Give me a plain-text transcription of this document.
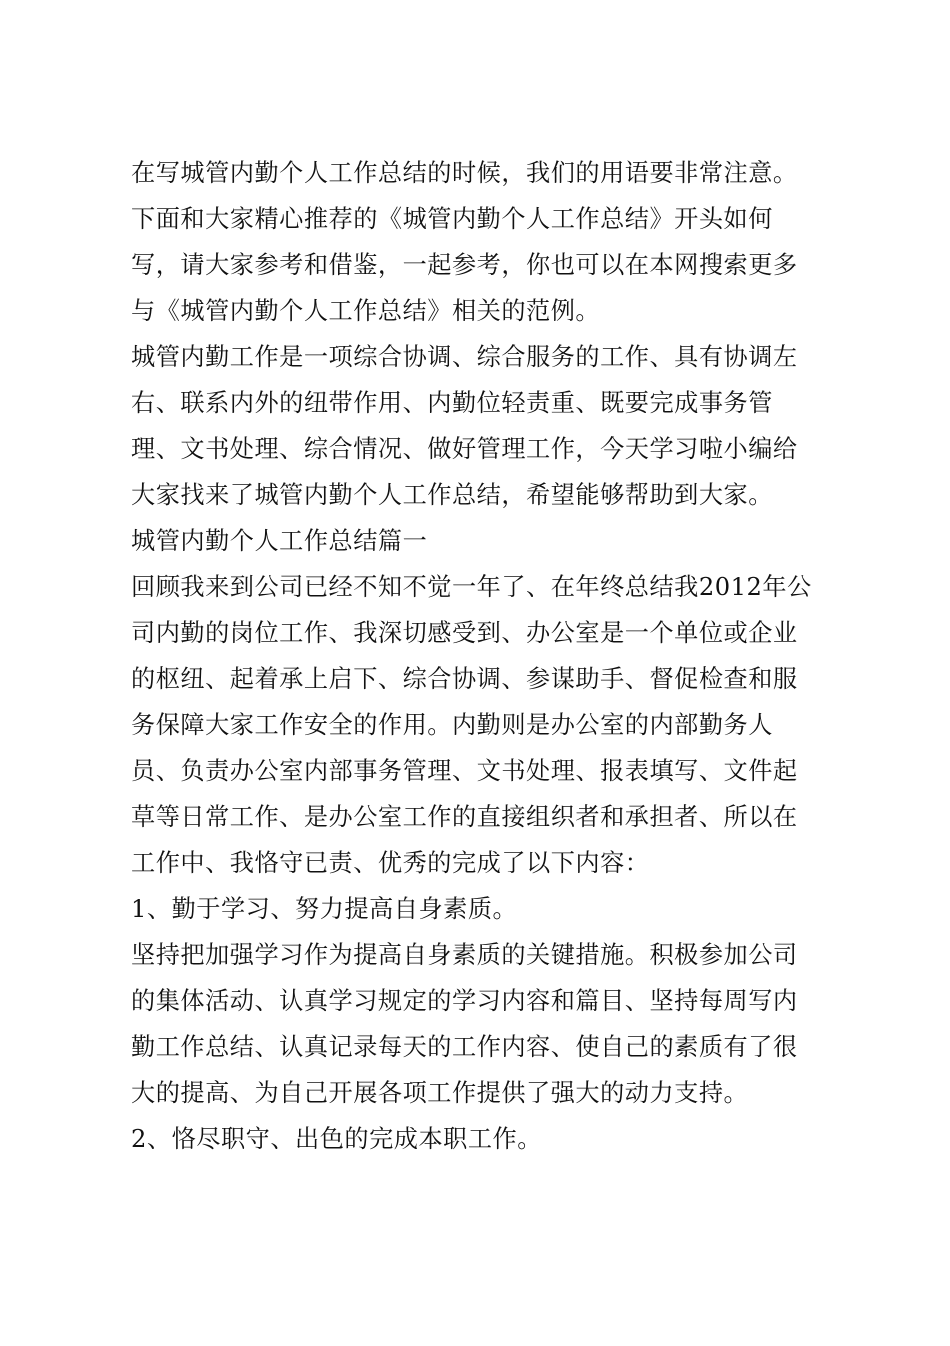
在写城管内勤个人工作总结的时候，我们的用语要非常注意。
下面和大家精心推荐的《城管内勤个人工作总结》开头如何
写，请大家参考和借鉴，一起参考，你也可以在本网搜索更多
与《城管内勤个人工作总结》相关的范例。

城管内勤工作是一项综合协调、综合服务的工作、具有协调左
右、联系内外的纽带作用、内勤位轻责重、既要完成事务管
理、文书处理、综合情况、做好管理工作，今天学习啦小编给
大家找来了城管内勤个人工作总结，希望能够帮助到大家。

城管内勤个人工作总结篇一

回顾我来到公司已经不知不觉一年了、在年终总结我2012年公
司内勤的岗位工作、我深切感受到、办公室是一个单位或企业
的枢纽、起着承上启下、综合协调、参谋助手、督促检查和服
务保障大家工作安全的作用。内勤则是办公室的内部勤务人
员、负责办公室内部事务管理、文书处理、报表填写、文件起
草等日常工作、是办公室工作的直接组织者和承担者、所以在
工作中、我恪守已责、优秀的完成了以下内容：

1、勤于学习、努力提高自身素质。

坚持把加强学习作为提高自身素质的关键措施。积极参加公司
的集体活动、认真学习规定的学习内容和篇目、坚持每周写内
勤工作总结、认真记录每天的工作内容、使自己的素质有了很
大的提高、为自己开展各项工作提供了强大的动力支持。

2、恪尽职守、出色的完成本职工作。
